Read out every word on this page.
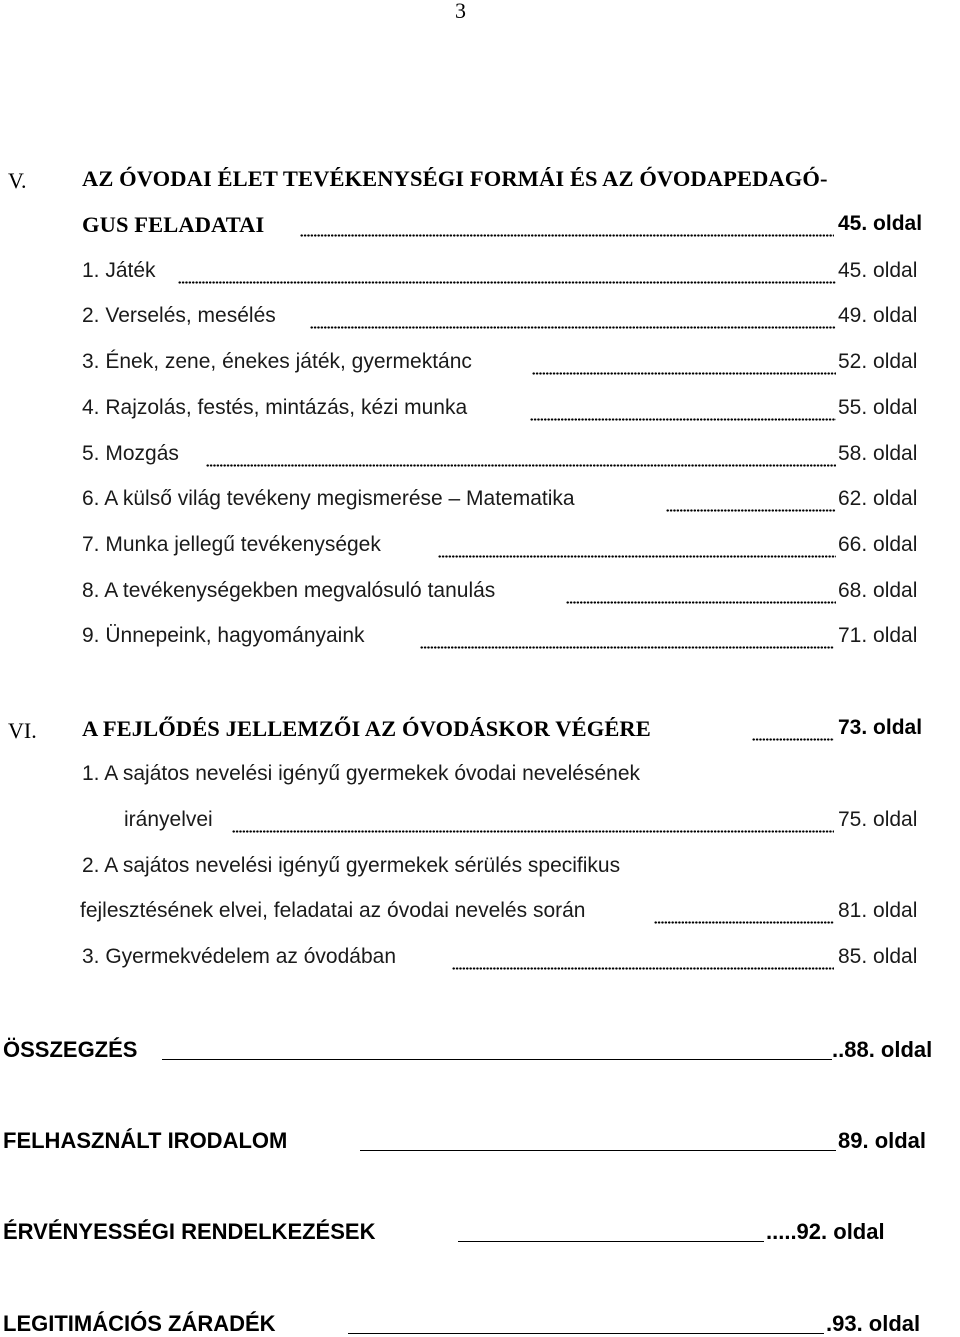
3
V. AZ ÓVODAI ÉLET TEVÉKENYSÉGI FORMÁI ÉS AZ ÓVODAPEDAGÓ-
GUS FELADATAI	45. oldal
1. Játék	45. oldal
2. Verselés, mesélés	49. oldal
3. Ének, zene, énekes játék, gyermektánc	52. oldal
4. Rajzolás, festés, mintázás, kézi munka	55. oldal
5. Mozgás	58. oldal
6. A külső világ tevékeny megismerése – Matematika	62. oldal
7. Munka jellegű tevékenységek	66. oldal
8. A tevékenységekben megvalósuló tanulás	68. oldal
9. Ünnepeink, hagyományaink	71. oldal
VI. A FEJLŐDÉS JELLEMZŐI AZ ÓVODÁSKOR VÉGÉRE	73. oldal
1. A sajátos nevelési igényű gyermekek óvodai nevelésének
irányelvei	75. oldal
2. A sajátos nevelési igényű gyermekek sérülés specifikus
fejlesztésének elvei, feladatai az óvodai nevelés során	81. oldal
3. Gyermekvédelem az óvodában	85. oldal
ÖSSZEGZÉS	..88. oldal
FELHASZNÁLT IRODALOM	89. oldal
ÉRVÉNYESSÉGI RENDELKEZÉSEK	.....92. oldal
LEGITIMÁCIÓS ZÁRADÉK	.93. oldal
